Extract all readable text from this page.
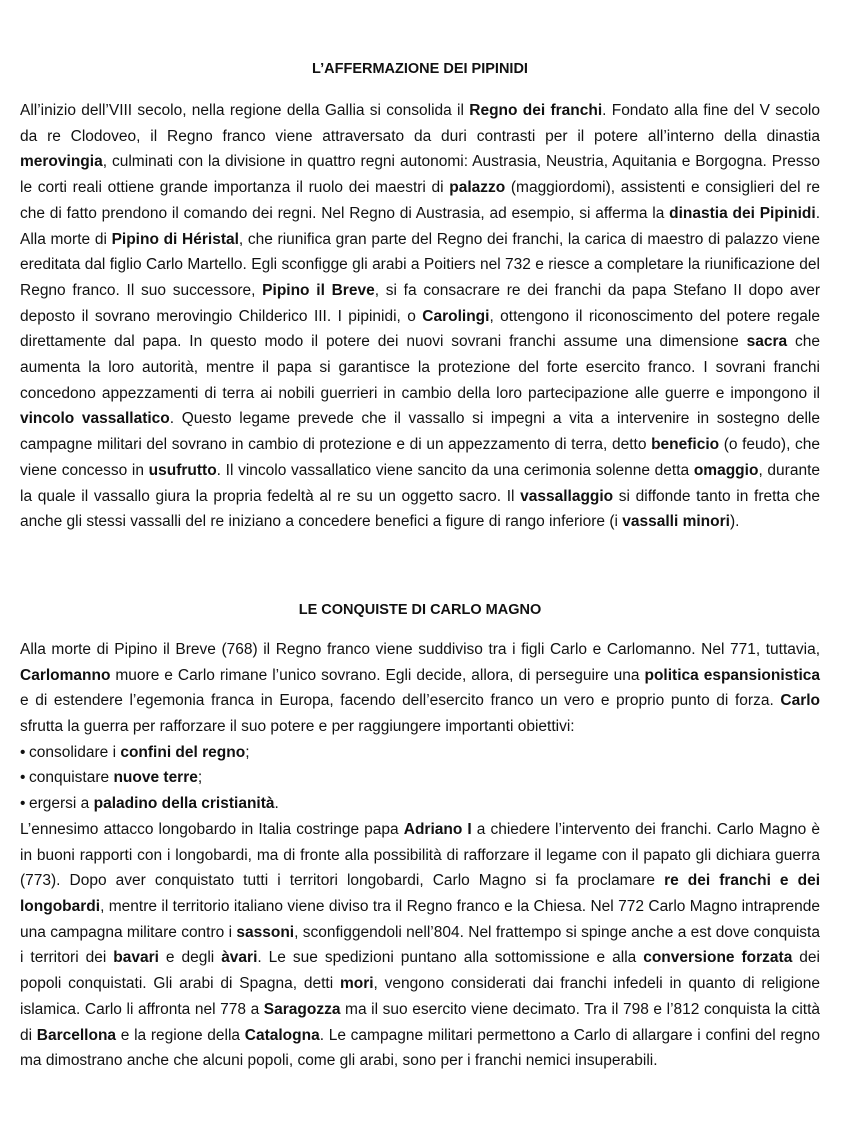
L’AFFERMAZIONE DEI PIPINIDI

All’inizio dell’VIII secolo, nella regione della Gallia si consolida il Regno dei franchi. Fondato alla fine del V secolo da re Clodoveo, il Regno franco viene attraversato da duri contrasti per il potere all’interno della dinastia merovingia, culminati con la divisione in quattro regni autonomi: Austrasia, Neustria, Aquitania e Borgogna. Presso le corti reali ottiene grande importanza il ruolo dei maestri di palazzo (maggiordomi), assistenti e consiglieri del re che di fatto prendono il comando dei regni. Nel Regno di Austrasia, ad esempio, si afferma la dinastia dei Pipinidi. Alla morte di Pipino di Héristal, che riunifica gran parte del Regno dei franchi, la carica di maestro di palazzo viene ereditata dal figlio Carlo Martello. Egli sconfigge gli arabi a Poitiers nel 732 e riesce a completare la riunificazione del Regno franco. Il suo successore, Pipino il Breve, si fa consacrare re dei franchi da papa Stefano II dopo aver deposto il sovrano merovingio Childerico III. I pipinidi, o Carolingi, ottengono il riconoscimento del potere regale direttamente dal papa. In questo modo il potere dei nuovi sovrani franchi assume una dimensione sacra che aumenta la loro autorità, mentre il papa si garantisce la protezione del forte esercito franco. I sovrani franchi concedono appezzamenti di terra ai nobili guerrieri in cambio della loro partecipazione alle guerre e impongono il vincolo vassallatico. Questo legame prevede che il vassallo si impegni a vita a intervenire in sostegno delle campagne militari del sovrano in cambio di protezione e di un appezzamento di terra, detto beneficio (o feudo), che viene concesso in usufrutto. Il vincolo vassallatico viene sancito da una cerimonia solenne detta omaggio, durante la quale il vassallo giura la propria fedeltà al re su un oggetto sacro. Il vassallaggio si diffonde tanto in fretta che anche gli stessi vassalli del re iniziano a concedere benefici a figure di rango inferiore (i vassalli minori).

LE CONQUISTE DI CARLO MAGNO

Alla morte di Pipino il Breve (768) il Regno franco viene suddiviso tra i figli Carlo e Carlomanno. Nel 771, tuttavia, Carlomanno muore e Carlo rimane l’unico sovrano. Egli decide, allora, di perseguire una politica espansionistica e di estendere l’egemonia franca in Europa, facendo dell’esercito franco un vero e proprio punto di forza. Carlo sfrutta la guerra per rafforzare il suo potere e per raggiungere importanti obiettivi:

• consolidare i confini del regno;
• conquistare nuove terre;
• ergersi a paladino della cristianità.

L’ennesimo attacco longobardo in Italia costringe papa Adriano I a chiedere l’intervento dei franchi. Carlo Magno è in buoni rapporti con i longobardi, ma di fronte alla possibilità di rafforzare il legame con il papato gli dichiara guerra (773). Dopo aver conquistato tutti i territori longobardi, Carlo Magno si fa proclamare re dei franchi e dei longobardi, mentre il territorio italiano viene diviso tra il Regno franco e la Chiesa. Nel 772 Carlo Magno intraprende una campagna militare contro i sassoni, sconfiggendoli nell’804. Nel frattempo si spinge anche a est dove conquista i territori dei bavari e degli àvari. Le sue spedizioni puntano alla sottomissione e alla conversione forzata dei popoli conquistati. Gli arabi di Spagna, detti mori, vengono considerati dai franchi infedeli in quanto di religione islamica. Carlo li affronta nel 778 a Saragozza ma il suo esercito viene decimato. Tra il 798 e l’812 conquista la città di Barcellona e la regione della Catalogna. Le campagne militari permettono a Carlo di allargare i confini del regno ma dimostrano anche che alcuni popoli, come gli arabi, sono per i franchi nemici insuperabili.
